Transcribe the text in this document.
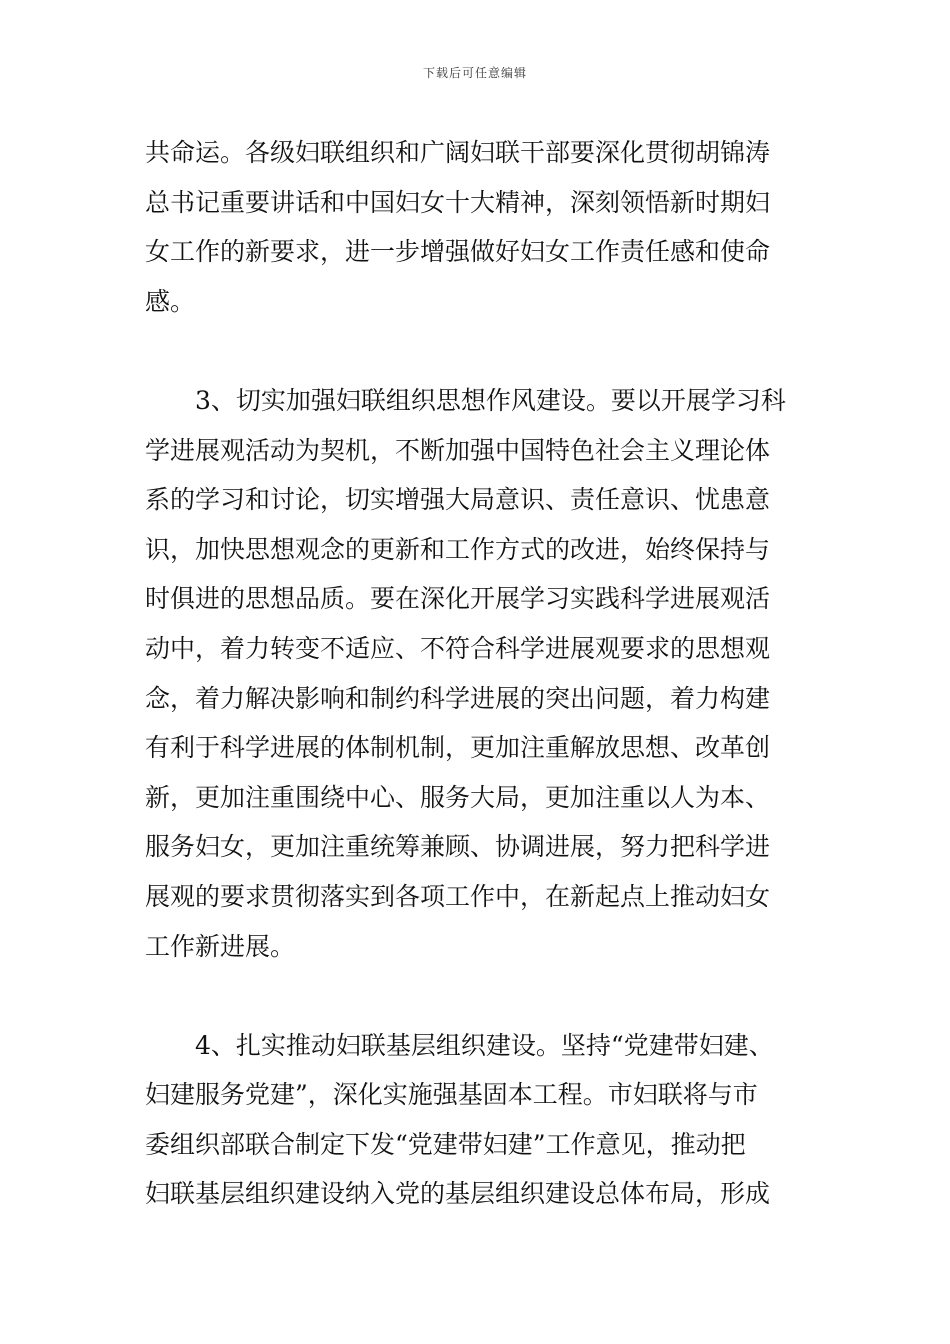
下载后可任意编辑
共命运。各级妇联组织和广阔妇联干部要深化贯彻胡锦涛
总书记重要讲话和中国妇女十大精神，深刻领悟新时期妇
女工作的新要求，进一步增强做好妇女工作责任感和使命
感。
　　3、切实加强妇联组织思想作风建设。要以开展学习科
学进展观活动为契机，不断加强中国特色社会主义理论体
系的学习和讨论，切实增强大局意识、责任意识、忧患意
识，加快思想观念的更新和工作方式的改进，始终保持与
时俱进的思想品质。要在深化开展学习实践科学进展观活
动中，着力转变不适应、不符合科学进展观要求的思想观
念，着力解决影响和制约科学进展的突出问题，着力构建
有利于科学进展的体制机制，更加注重解放思想、改革创
新，更加注重围绕中心、服务大局，更加注重以人为本、
服务妇女，更加注重统筹兼顾、协调进展，努力把科学进
展观的要求贯彻落实到各项工作中，在新起点上推动妇女
工作新进展。
　　4、扎实推动妇联基层组织建设。坚持“党建带妇建、
妇建服务党建”，深化实施强基固本工程。市妇联将与市
委组织部联合制定下发“党建带妇建”工作意见，推动把
妇联基层组织建设纳入党的基层组织建设总体布局，形成
